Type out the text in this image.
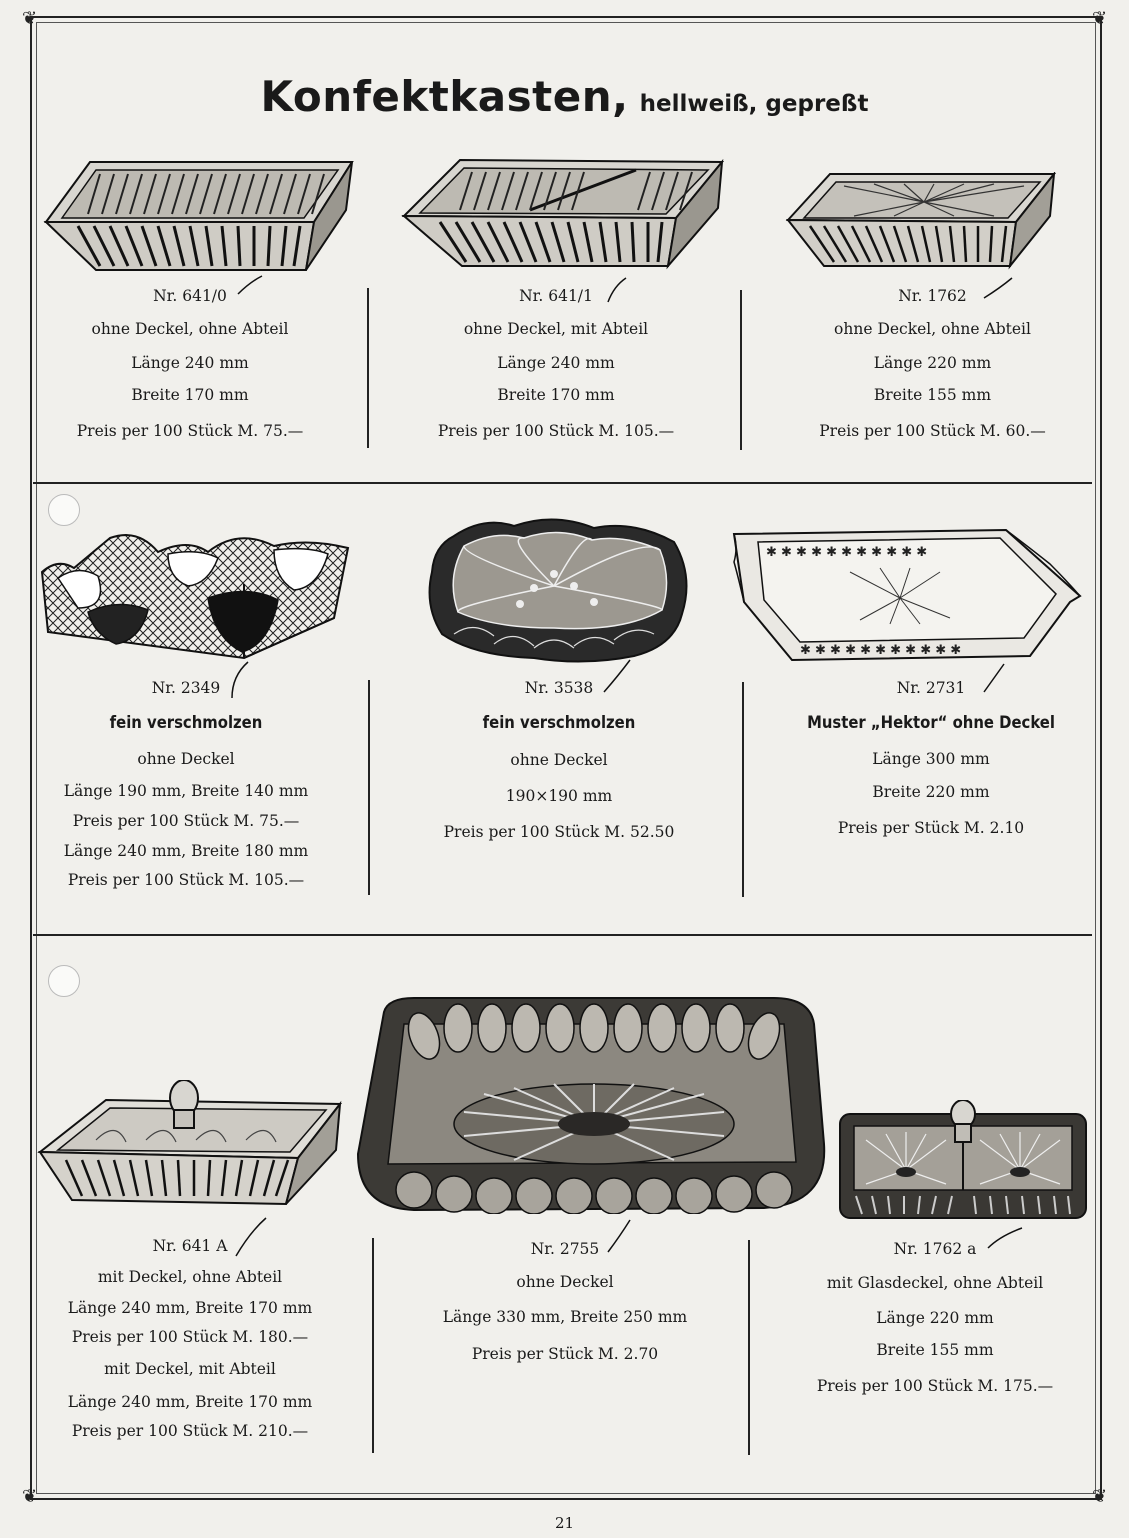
❦	❦
❦	❦
Konfektkasten, hellweiß, gepreßt
✱ ✱ ✱ ✱ ✱ ✱ ✱ ✱ ✱ ✱ ✱
✱ ✱ ✱ ✱ ✱ ✱ ✱ ✱ ✱ ✱ ✱
Nr. 641/0
ohne Deckel, ohne Abteil
Länge 240 mm
Breite 170 mm
Preis per 100 Stück M. 75.—
Nr. 641/1
ohne Deckel, mit Abteil
Länge 240 mm
Breite 170 mm
Preis per 100 Stück M. 105.—
Nr. 1762
ohne Deckel, ohne Abteil
Länge 220 mm
Breite 155 mm
Preis per 100 Stück M. 60.—
Nr. 2349
fein verschmolzen
ohne Deckel
Länge 190 mm, Breite 140 mm
Preis per 100 Stück M. 75.—
Länge 240 mm, Breite 180 mm
Preis per 100 Stück M. 105.—
Nr. 3538
fein verschmolzen
ohne Deckel
190×190 mm
Preis per 100 Stück M. 52.50
Nr. 2731
Muster „Hektor“ ohne Deckel
Länge 300 mm
Breite 220 mm
Preis per Stück M. 2.10
Nr. 641 A
mit Deckel, ohne Abteil
Länge 240 mm, Breite 170 mm
Preis per 100 Stück M. 180.—
mit Deckel, mit Abteil
Länge 240 mm, Breite 170 mm
Preis per 100 Stück M. 210.—
Nr. 2755
ohne Deckel
Länge 330 mm, Breite 250 mm
Preis per Stück M. 2.70
Nr. 1762 a
mit Glasdeckel, ohne Abteil
Länge 220 mm
Breite 155 mm
Preis per 100 Stück M. 175.—
21
